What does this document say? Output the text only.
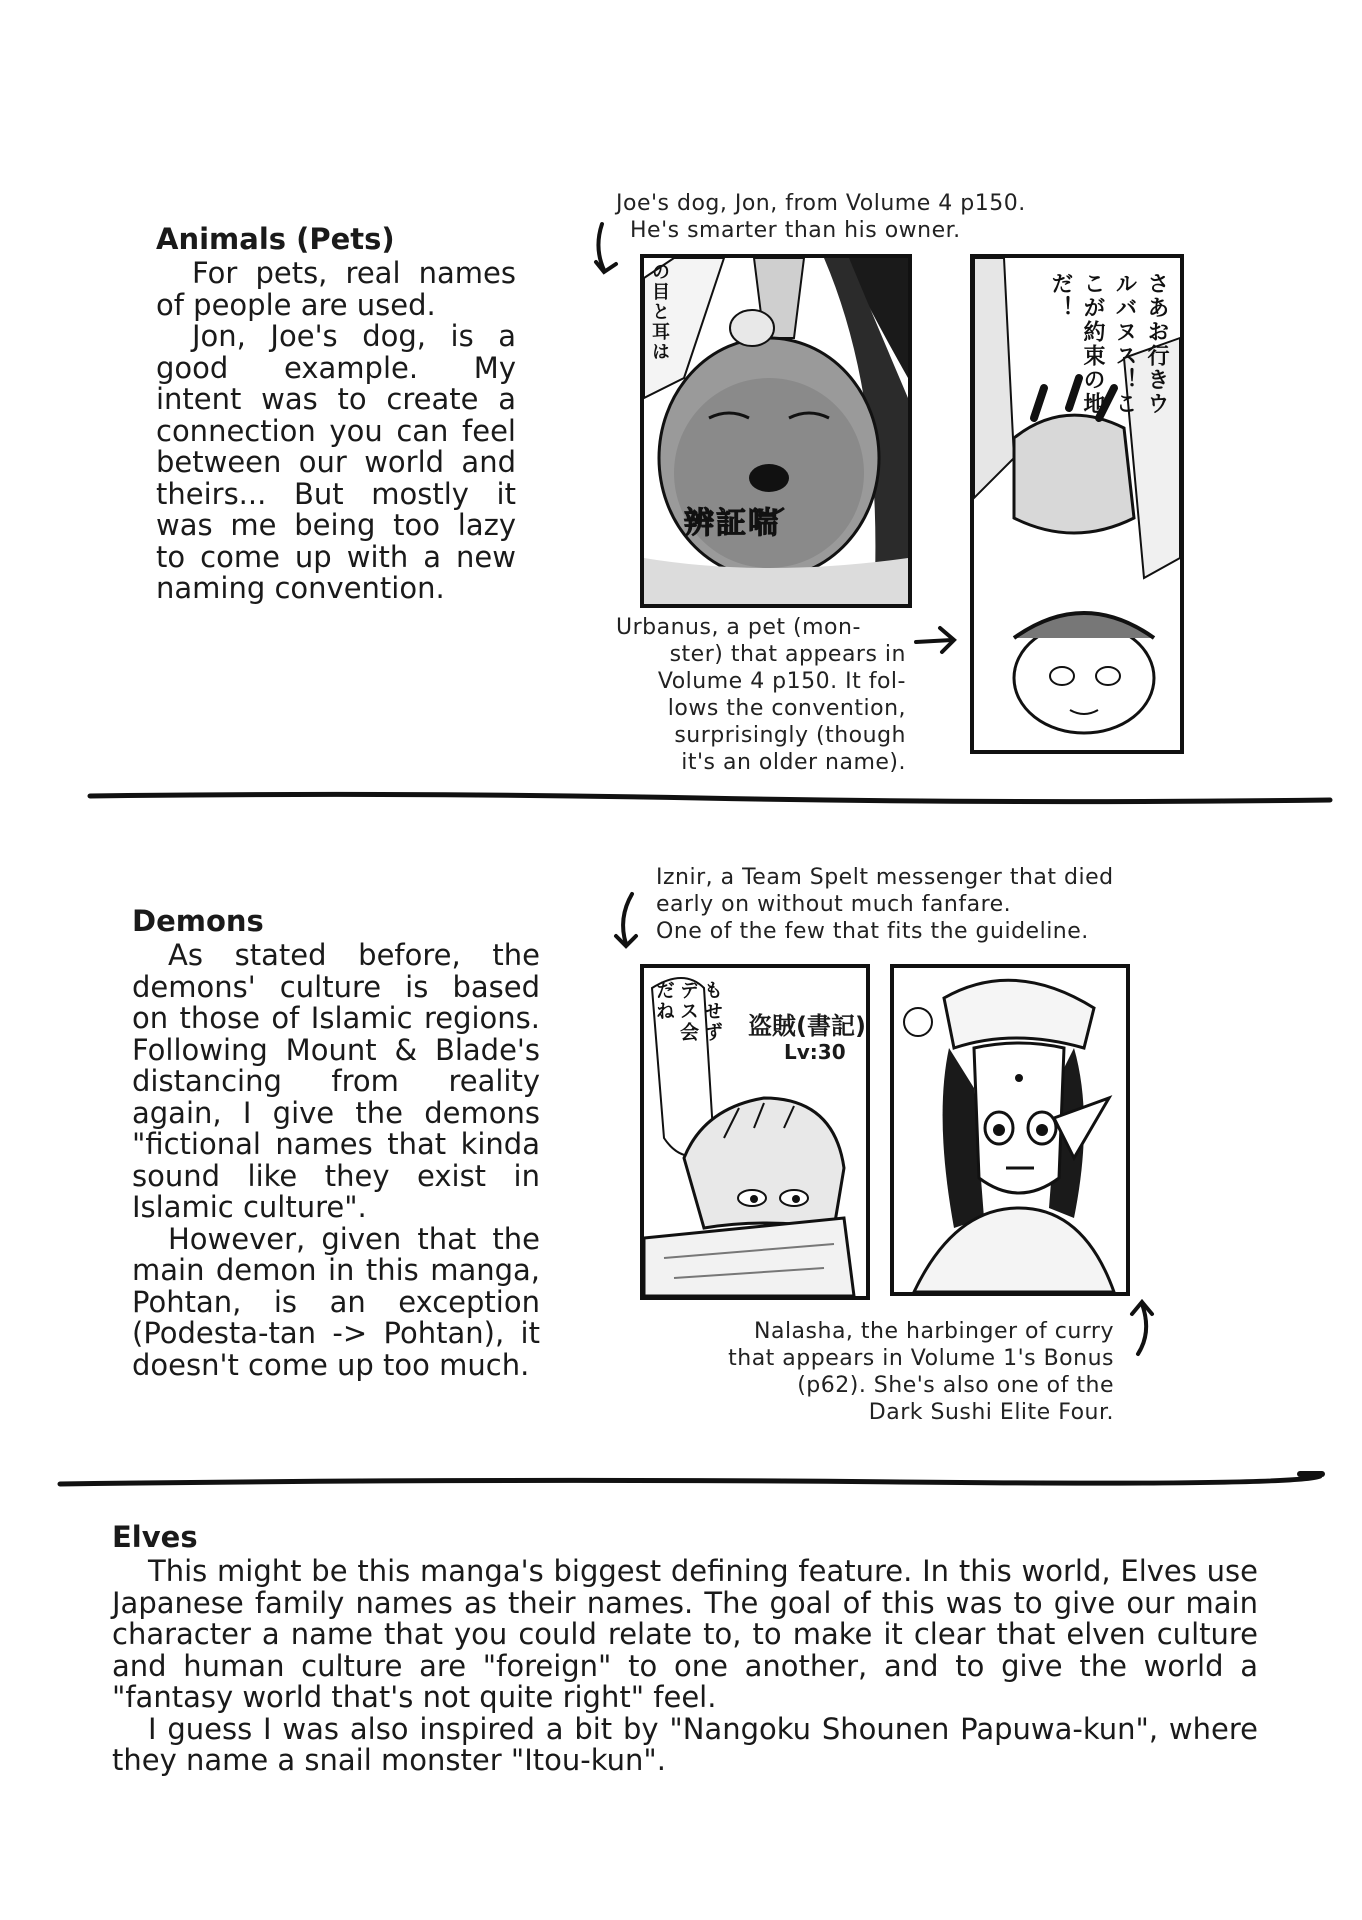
Animals (Pets)

For pets, real names of people are used.

Jon, Joe's dog, is a good example. My intent was to create a connection you can feel between our world and theirs... But mostly it was me being too lazy to come up with a new naming convention.

Joe's dog, Jon, from Volume 4 p150.
He's smarter than his owner.
の目と耳は
辨証喘
さあお行きウルバヌス！ここが約束の地だ！
Urbanus, a pet (mon-
ster) that appears in
Volume 4 p150. It fol-
lows the convention,
surprisingly (though
it's an older name).
Demons

As stated before, the demons' culture is based on those of Islamic regions. Following Mount & Blade's distancing from reality again, I give the demons "fictional names that kinda sound like they exist in Islamic culture".

However, given that the main demon in this manga, Pohtan, is an exception (Podesta-tan -> Pohtan), it doesn't come up too much.

Iznir, a Team Spelt messenger that died
early on without much fanfare.
One of the few that fits the guideline.
もせずデス会だね
盗賊(書記)
Lv:30
Nalasha, the harbinger of curry
that appears in Volume 1's Bonus
(p62). She's also one of the
Dark Sushi Elite Four.
Elves

This might be this manga's biggest defining feature. In this world, Elves use Japanese family names as their names. The goal of this was to give our main character a name that you could relate to, to make it clear that elven culture and human culture are "foreign" to one another, and to give the world a "fantasy world that's not quite right" feel.

I guess I was also inspired a bit by "Nangoku Shounen Papuwa-kun", where they name a snail monster "Itou-kun".
